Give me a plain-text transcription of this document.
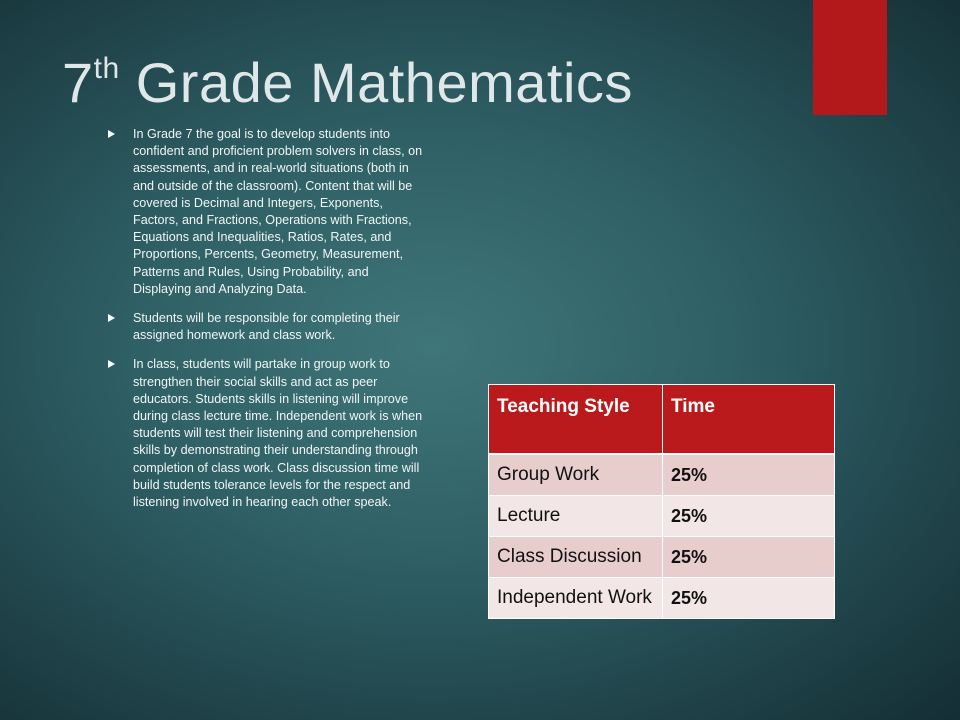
7th Grade Mathematics
In Grade 7 the goal is to develop students into confident and proficient problem solvers in class, on assessments, and in real-world situations (both in and outside of the classroom). Content that will be covered is Decimal and Integers, Exponents, Factors, and Fractions, Operations with Fractions, Equations and Inequalities, Ratios, Rates, and Proportions, Percents, Geometry, Measurement, Patterns and Rules, Using Probability, and Displaying and Analyzing Data.
Students will be responsible for completing their assigned homework and class work.
In class, students will partake in group work to strengthen their social skills and act as peer educators. Students skills in listening will improve during class lecture time. Independent work is when students will test their listening and comprehension skills by demonstrating their understanding through completion of class work. Class discussion time will build students tolerance levels for the respect and listening involved in hearing each other speak.
Teaching Style	Time
Group Work	25%
Lecture	25%
Class Discussion	25%
Independent Work	25%
